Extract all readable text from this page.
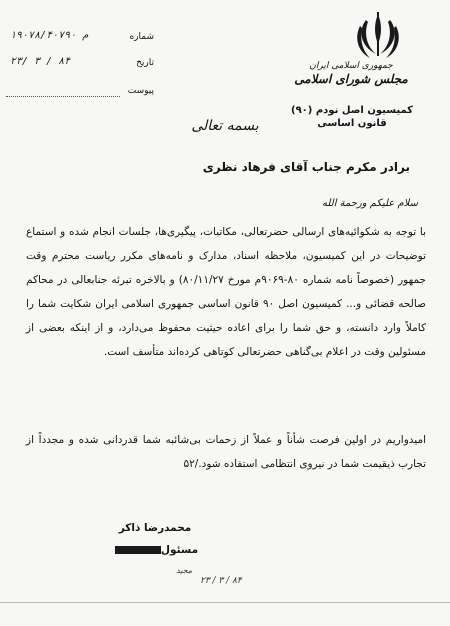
جمهوری اسلامی ایران
مجلس شورای اسلامی
کمیسیون اصل نودم (۹۰)
قانون اساسی
شماره
۱۹۰۷۸/۴۰۷۹۰ م
تاریخ
۲۳/ ۳ / ۸۴
پیوست
بسمه تعالی
برادر مکرم جناب آقای فرهاد نظری
سلام علیکم ورحمة الله
با توجه به شکوائیه‌های ارسالی حضرتعالی، مکاتبات، پیگیری‌ها، جلسات انجام شده و استماع توضیحات در این کمیسیون، ملاحظه اسناد، مدارک و نامه‌های مکرر ریاست محترم وقت جمهور (خصوصاً نامه شماره ۸۰-۹۰۶۹م مورخ ۸۰/۱۱/۲۷) و بالاخره تبرئه جنابعالی در محاکم صالحه قضائی و... کمیسیون اصل ۹۰ قانون اساسی جمهوری اسلامی ایران شکایت شما را کاملاً وارد دانسته، و حق شما را برای اعاده حیثیت محفوظ می‌دارد، و از اینکه بعضی از مسئولین وقت در اعلام بی‌گناهی حضرتعالی کوتاهی کرده‌اند متأسف است.
امیدواریم در اولین فرصت شأناً و عملاً از زحمات بی‌شائبه شما قدردانی شده و مجدداً از تجارب ذیقیمت شما در نیروی انتظامی استفاده شود./۵۲
محمدرضا ذاکر
مسئول
مجید
۲۳ / ۳ / ۸۴
